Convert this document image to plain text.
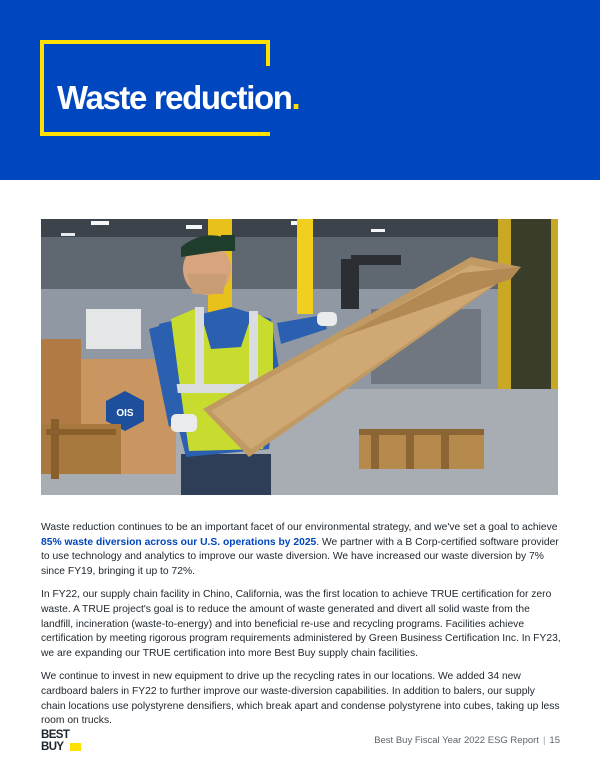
Waste reduction.
OIS

Waste reduction continues to be an important facet of our environmental strategy, and we've set a goal to achieve 85% waste diversion across our U.S. operations by 2025. We partner with a B Corp-certified software provider to use technology and analytics to improve our waste diversion. We have increased our waste diversion by 7% since FY19, bringing it up to 72%.

In FY22, our supply chain facility in Chino, California, was the first location to achieve TRUE certification for zero waste. A TRUE project's goal is to reduce the amount of waste generated and divert all solid waste from the landfill, incineration (waste-to-energy) and into beneficial re-use and recycling programs. Facilities achieve certification by meeting rigorous program requirements administered by Green Business Certification Inc. In FY23, we are expanding our TRUE certification into more Best Buy supply chain facilities.

We continue to invest in new equipment to drive up the recycling rates in our locations. We added 34 new cardboard balers in FY22 to further improve our waste-diversion capabilities. In addition to balers, our supply chain locations use polystyrene densifiers, which break apart and condense polystyrene into cubes, taking up less room on trucks.

BEST
BUY
Best Buy Fiscal Year 2022 ESG Report | 15
